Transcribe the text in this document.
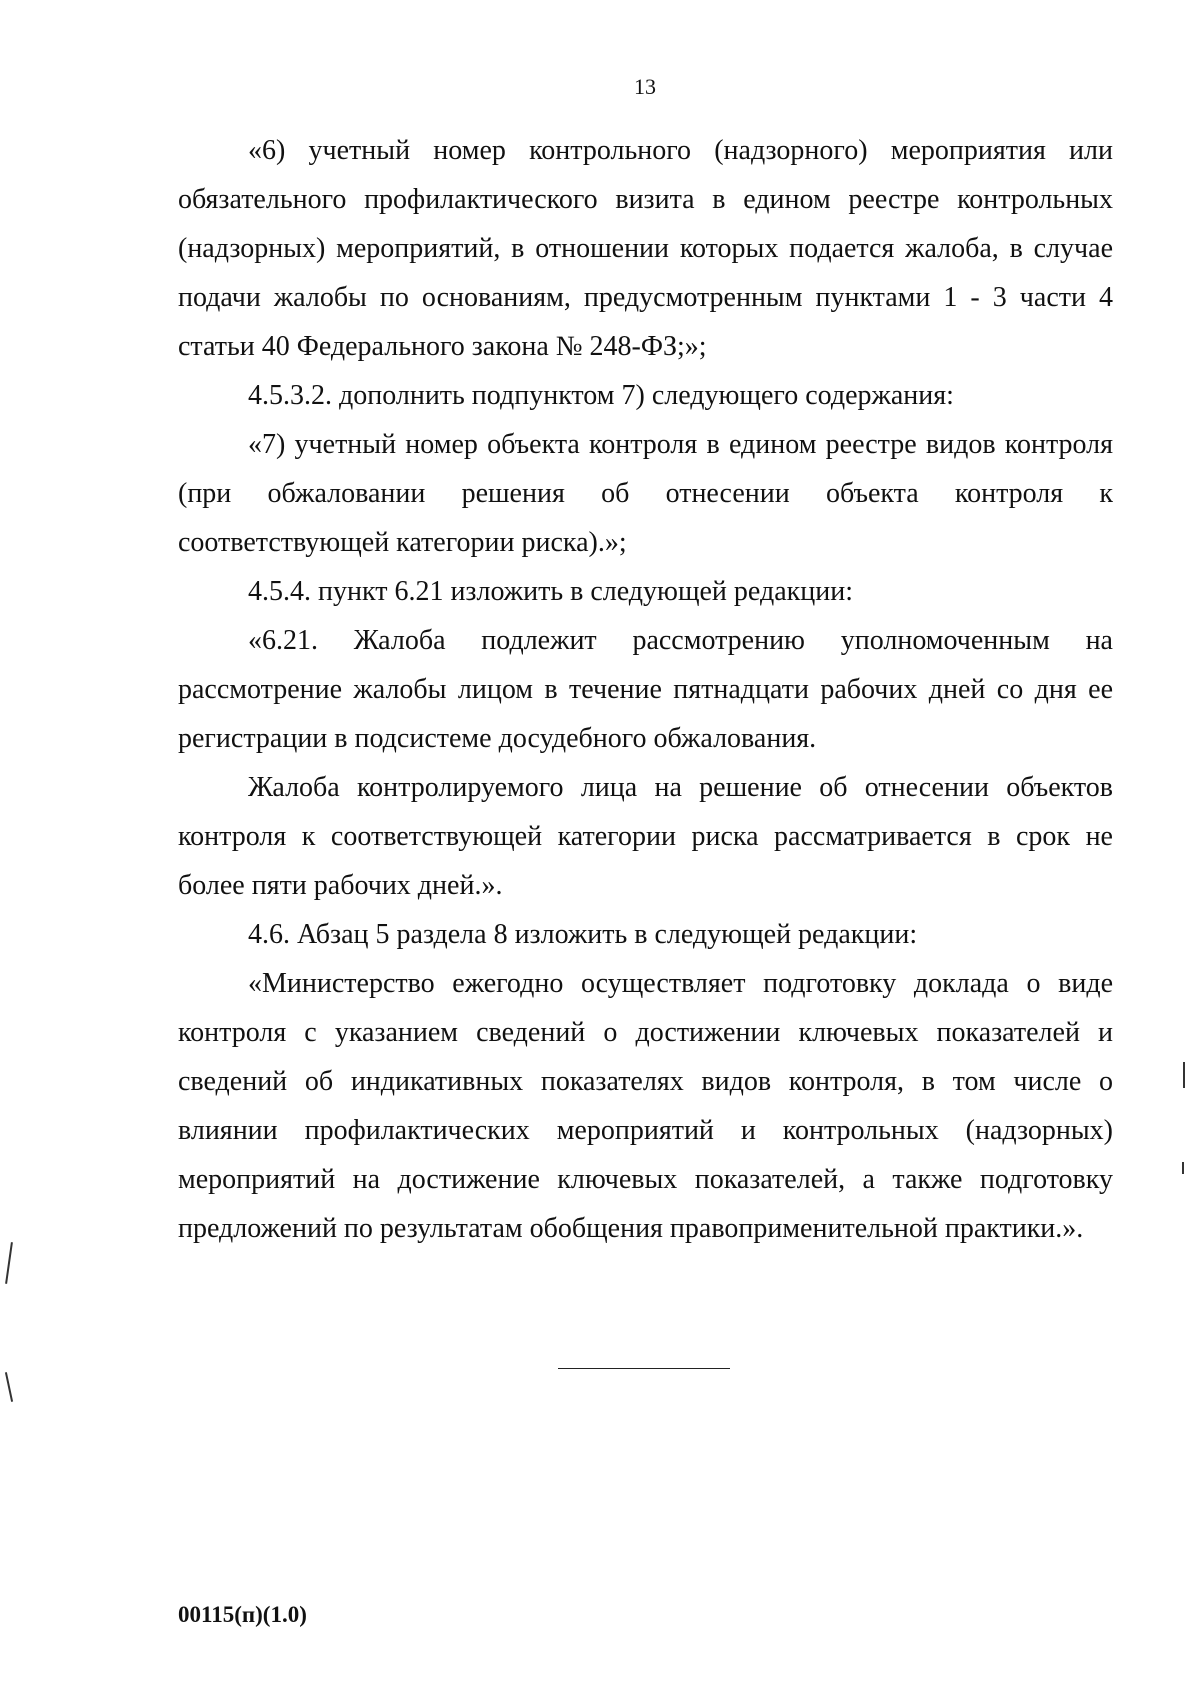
13

«6) учетный номер контрольного (надзорного) мероприятия или обязательного профилактического визита в едином реестре контрольных (надзорных) мероприятий, в отношении которых подается жалоба, в случае подачи жалобы по основаниям, предусмотренным пунктами 1 - 3 части 4 статьи 40 Федерального закона № 248-ФЗ;»;

4.5.3.2. дополнить подпунктом 7) следующего содержания:

«7) учетный номер объекта контроля в едином реестре видов контроля (при обжаловании решения об отнесении объекта контроля к соответствующей категории риска).»;

4.5.4. пункт 6.21 изложить в следующей редакции:

«6.21. Жалоба подлежит рассмотрению уполномоченным на рассмотрение жалобы лицом в течение пятнадцати рабочих дней со дня ее регистрации в подсистеме досудебного обжалования.

Жалоба контролируемого лица на решение об отнесении объектов контроля к соответствующей категории риска рассматривается в срок не более пяти рабочих дней.».

4.6. Абзац 5 раздела 8 изложить в следующей редакции:

«Министерство ежегодно осуществляет подготовку доклада о виде контроля с указанием сведений о достижении ключевых показателей и сведений об индикативных показателях видов контроля, в том числе о влиянии профилактических мероприятий и контрольных (надзорных) мероприятий на достижение ключевых показателей, а также подготовку предложений по результатам обобщения правоприменительной практики.».

00115(п)(1.0)
